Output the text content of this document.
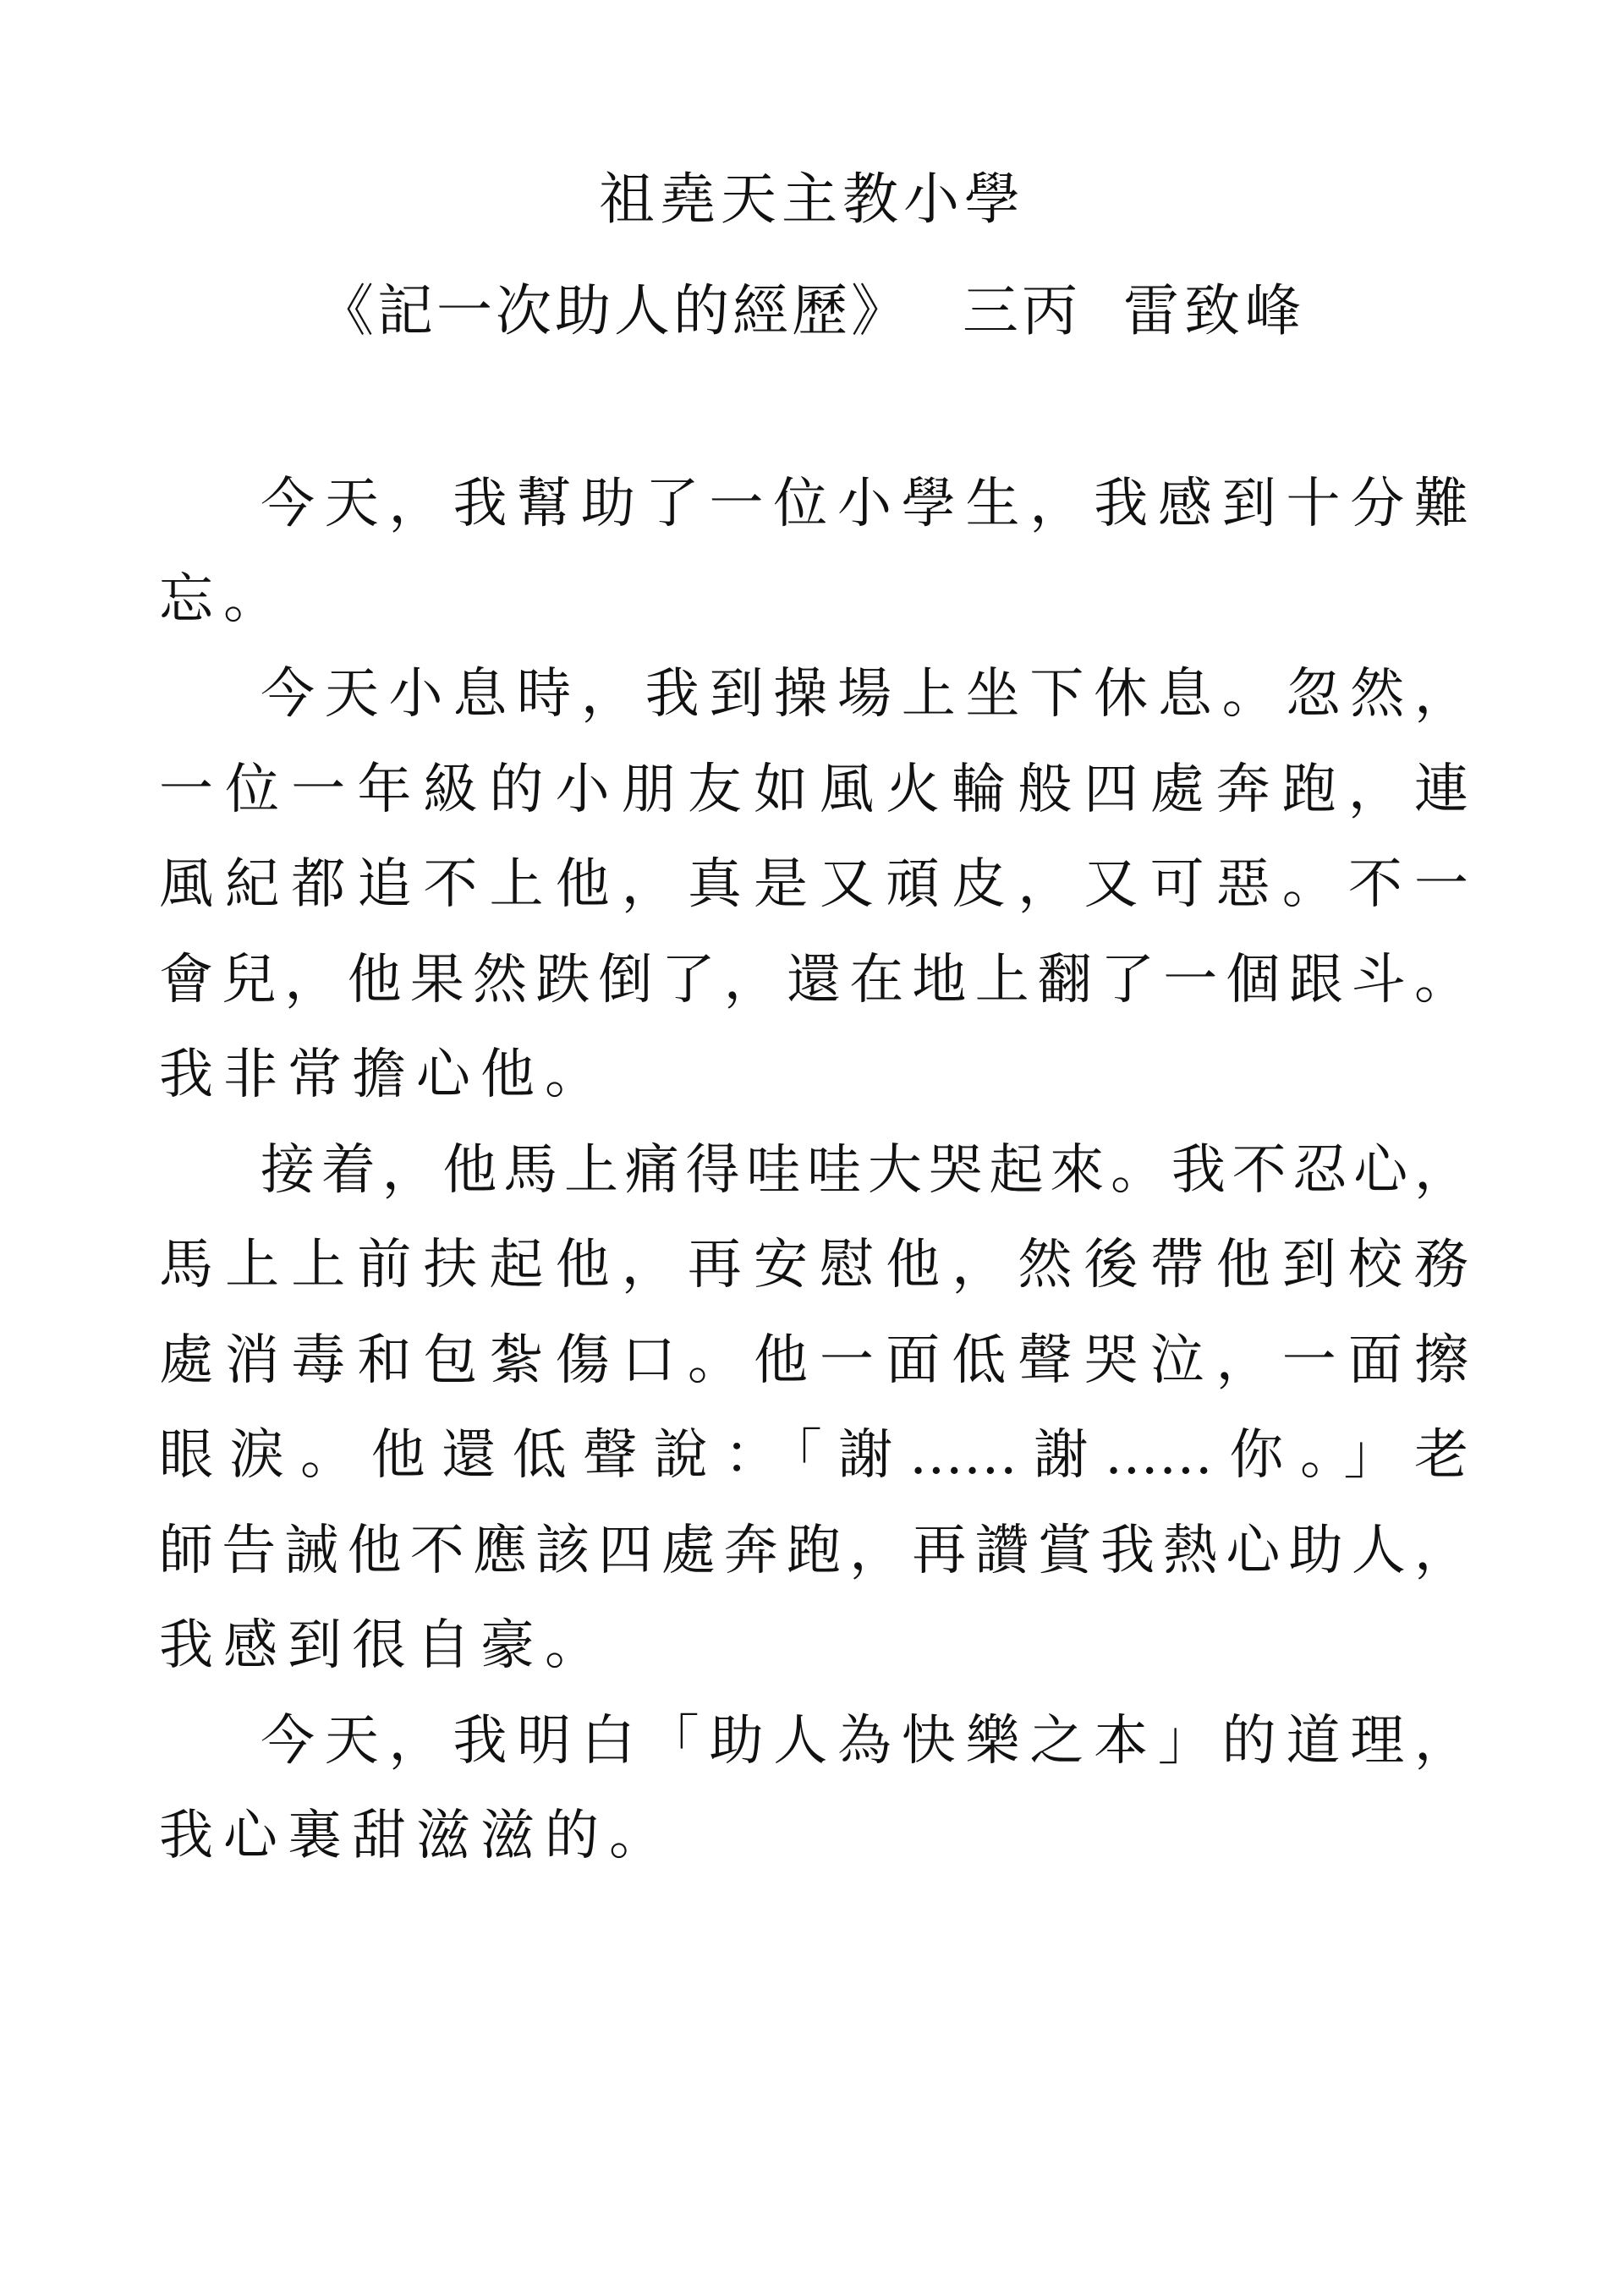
祖堯天主教小學
《記一次助人的經歷》 三丙 雷致峰
今天，我幫助了一位小學生，我感到十分難
忘。
今天小息時，我到操場上坐下休息。忽然，
一位一年級的小朋友如風火輪般四處奔跑，連
風紀都追不上他，真是又頑皮，又可惡。不一
會兒，他果然跌倒了，還在地上翻了一個跟斗。
我非常擔心他。
接着，他馬上痛得哇哇大哭起來。我不忍心，
馬上上前扶起他，再安慰他，然後帶他到校務
處消毒和包紮傷口。他一面低聲哭泣，一面擦
眼淚。他還低聲說：「謝……謝……你。」老
師告誡他不應該四處奔跑，再讚賞我熱心助人，
我感到很自豪。
今天，我明白「助人為快樂之本」的道理，
我心裏甜滋滋的。
